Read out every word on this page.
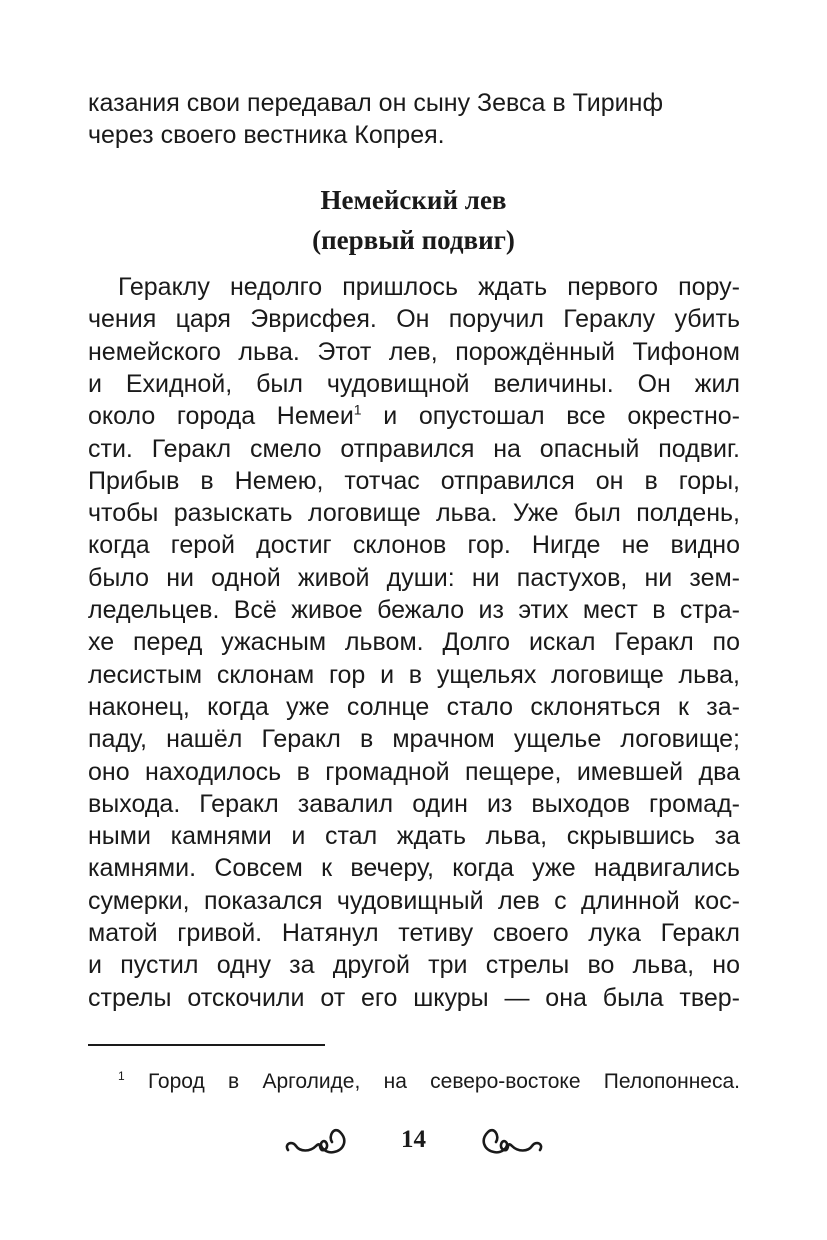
казания свои передавал он сыну Зевса в Тиринф
через своего вестника Копрея.
Немейский лев
(первый подвиг)
Гераклу недолго пришлось ждать первого пору-
чения царя Эврисфея. Он поручил Гераклу убить
немейского льва. Этот лев, порождённый Тифоном
и Ехидной, был чудовищной величины. Он жил
около города Немеи$^1$ и опустошал все окрестно-
сти. Геракл смело отправился на опасный подвиг.
Прибыв в Немею, тотчас отправился он в горы,
чтобы разыскать логовище льва. Уже был полдень,
когда герой достиг склонов гор. Нигде не видно
было ни одной живой души: ни пастухов, ни зем-
ледельцев. Всё живое бежало из этих мест в стра-
хе перед ужасным львом. Долго искал Геракл по
лесистым склонам гор и в ущельях логовище льва,
наконец, когда уже солнце стало склоняться к за-
паду, нашёл Геракл в мрачном ущелье логовище;
оно находилось в громадной пещере, имевшей два
выхода. Геракл завалил один из выходов громад-
ными камнями и стал ждать льва, скрывшись за
камнями. Совсем к вечеру, когда уже надвигались
сумерки, показался чудовищный лев с длинной кос-
матой гривой. Натянул тетиву своего лука Геракл
и пустил одну за другой три стрелы во льва, но
стрелы отскочили от его шкуры — она была твер-
$^1$ Город в Арголиде, на северо-востоке Пелопоннеса.
14
